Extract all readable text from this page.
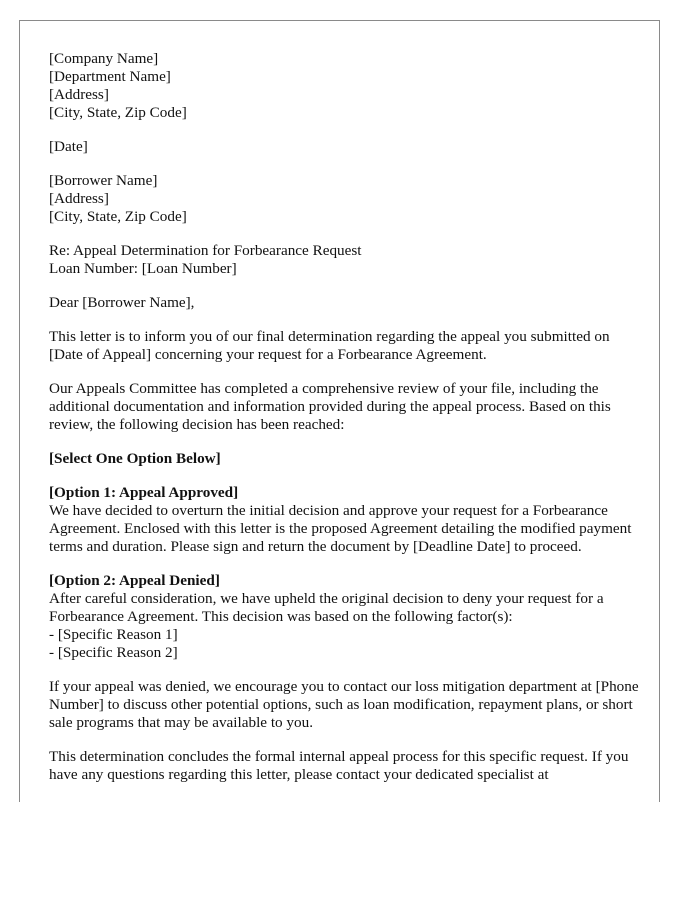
[Company Name]
[Department Name]
[Address]
[City, State, Zip Code]
[Date]
[Borrower Name]
[Address]
[City, State, Zip Code]
Re: Appeal Determination for Forbearance Request
Loan Number: [Loan Number]
Dear [Borrower Name],

This letter is to inform you of our final determination regarding the appeal you submitted on [Date of Appeal] concerning your request for a Forbearance Agreement.

Our Appeals Committee has completed a comprehensive review of your file, including the additional documentation and information provided during the appeal process. Based on this review, the following decision has been reached:

[Select One Option Below]

[Option 1: Appeal Approved]
We have decided to overturn the initial decision and approve your request for a Forbearance Agreement. Enclosed with this letter is the proposed Agreement detailing the modified payment terms and duration. Please sign and return the document by [Deadline Date] to proceed.
[Option 2: Appeal Denied]
After careful consideration, we have upheld the original decision to deny your request for a Forbearance Agreement. This decision was based on the following factor(s):
- [Specific Reason 1]
- [Specific Reason 2]

If your appeal was denied, we encourage you to contact our loss mitigation department at [Phone Number] to discuss other potential options, such as loan modification, repayment plans, or short sale programs that may be available to you.

This determination concludes the formal internal appeal process for this specific request. If you have any questions regarding this letter, please contact your dedicated specialist at
